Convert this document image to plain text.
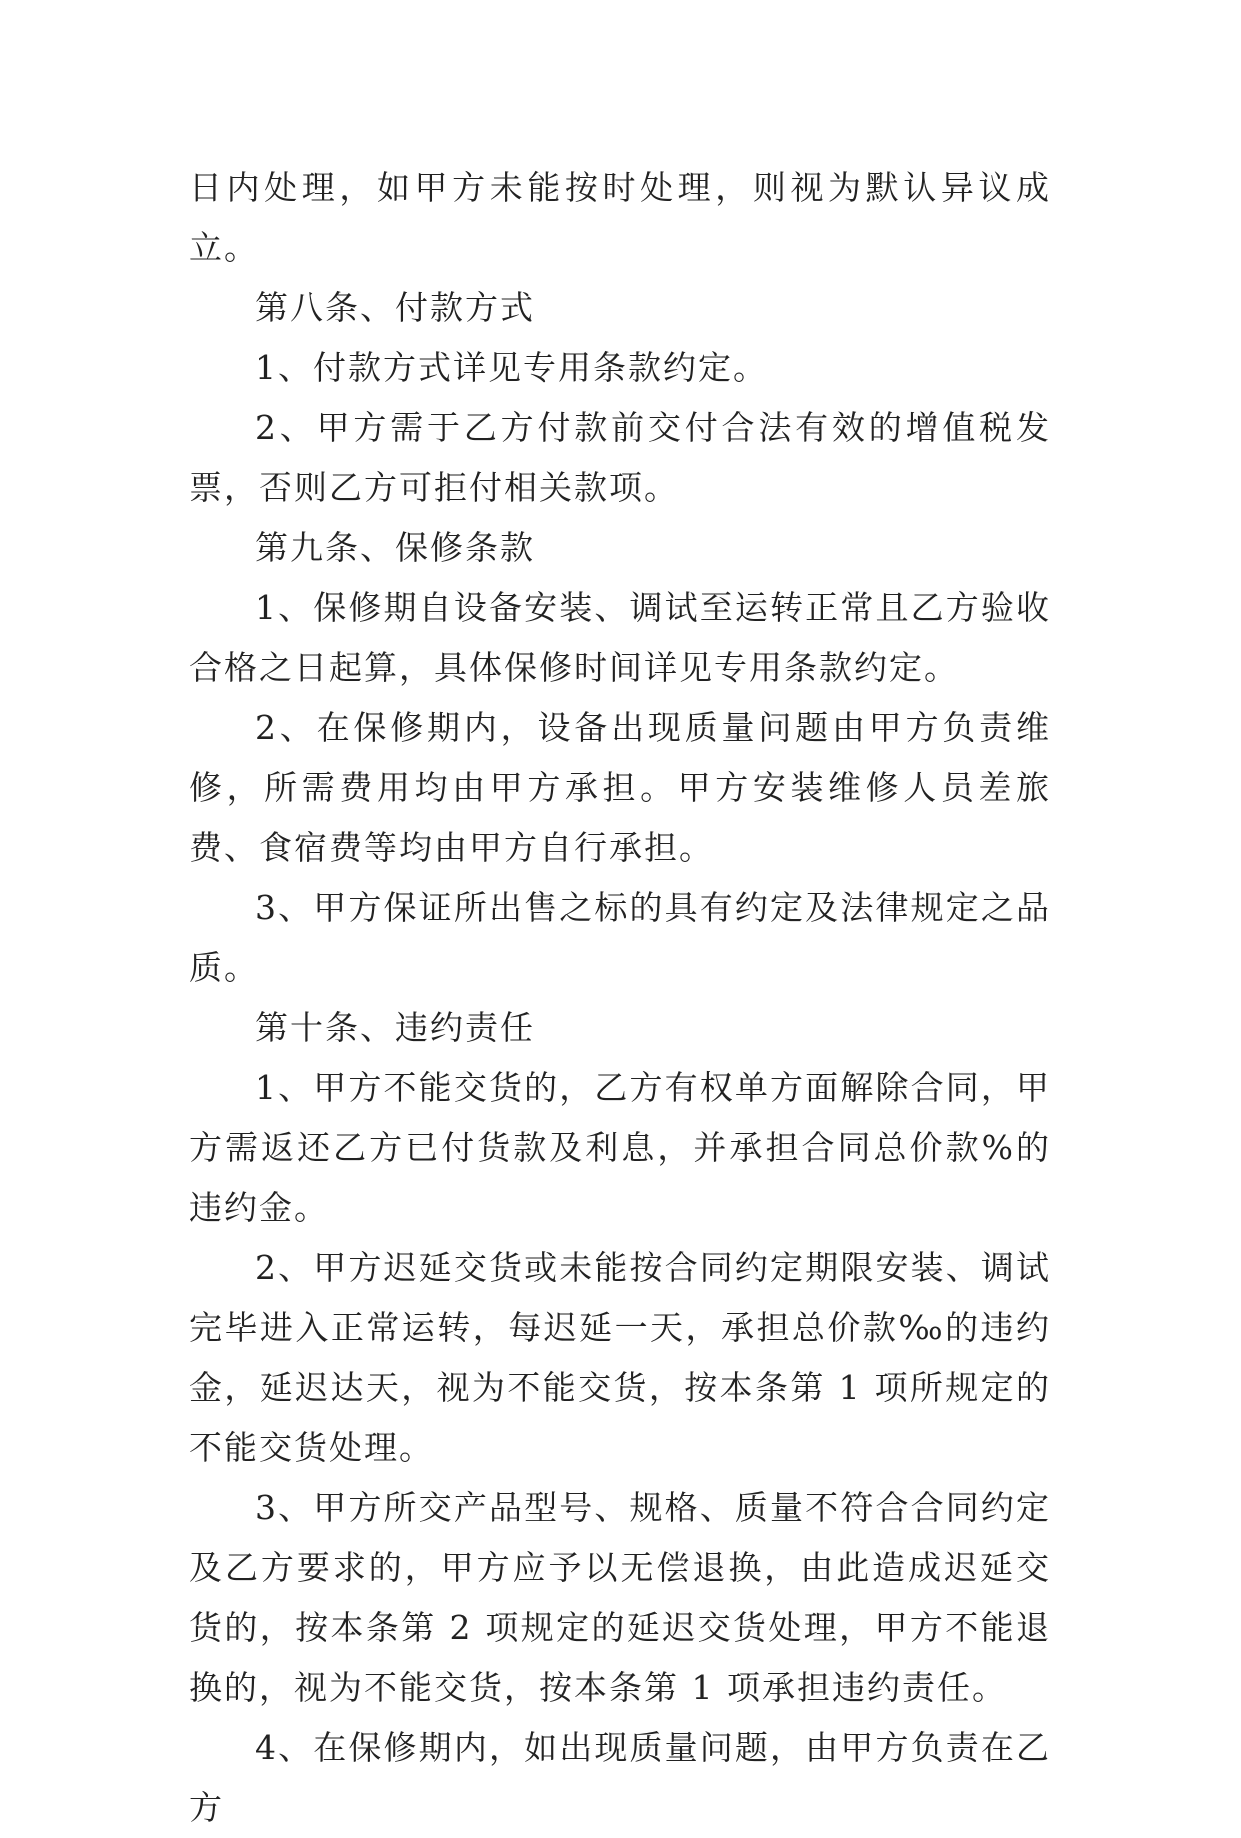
日内处理，如甲方未能按时处理，则视为默认异议成立。

第八条、付款方式

1、付款方式详见专用条款约定。

2、甲方需于乙方付款前交付合法有效的增值税发票，否则乙方可拒付相关款项。

第九条、保修条款

1、保修期自设备安装、调试至运转正常且乙方验收合格之日起算，具体保修时间详见专用条款约定。

2、在保修期内，设备出现质量问题由甲方负责维修，所需费用均由甲方承担。甲方安装维修人员差旅费、食宿费等均由甲方自行承担。

3、甲方保证所出售之标的具有约定及法律规定之品质。

第十条、违约责任

1、甲方不能交货的，乙方有权单方面解除合同，甲方需返还乙方已付货款及利息，并承担合同总价款%的违约金。

2、甲方迟延交货或未能按合同约定期限安装、调试完毕进入正常运转，每迟延一天，承担总价款‰的违约金，延迟达天，视为不能交货，按本条第 1 项所规定的不能交货处理。

3、甲方所交产品型号、规格、质量不符合合同约定及乙方要求的，甲方应予以无偿退换，由此造成迟延交货的，按本条第 2 项规定的延迟交货处理，甲方不能退换的，视为不能交货，按本条第 1 项承担违约责任。

4、在保修期内，如出现质量问题，由甲方负责在乙方
